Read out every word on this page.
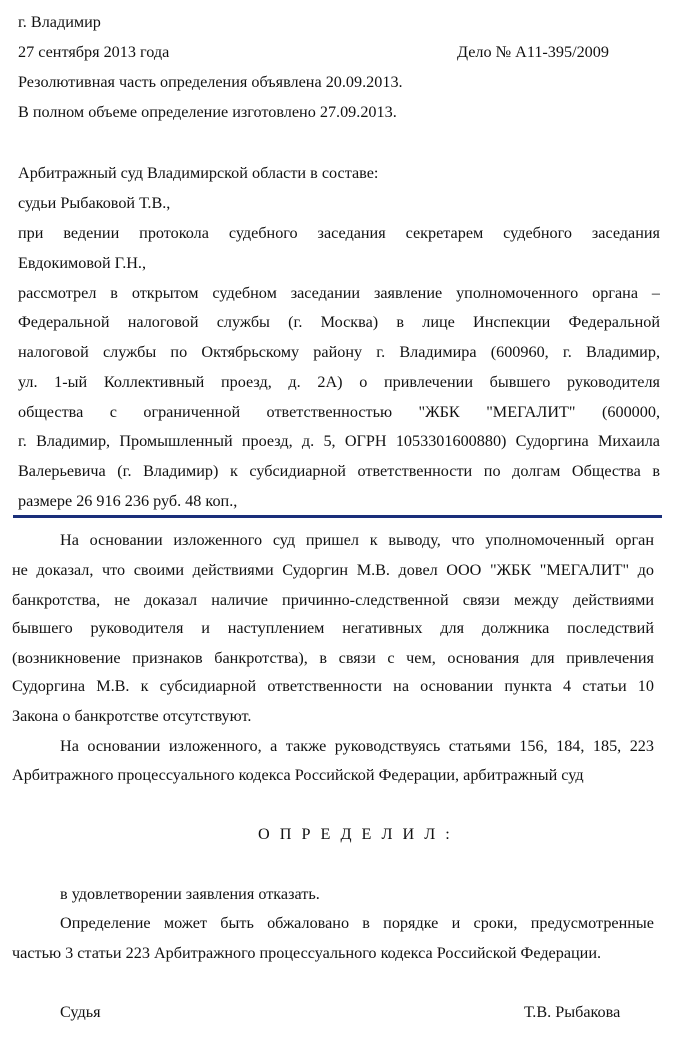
г. Владимир
27 сентября 2013 года	Дело № А11-395/2009
Резолютивная часть определения объявлена 20.09.2013.
В полном объеме определение изготовлено 27.09.2013.
Арбитражный суд Владимирской области в составе:
судьи Рыбаковой Т.В.,
при ведении протокола судебного заседания секретарем судебного заседания
Евдокимовой Г.Н.,
рассмотрел в открытом судебном заседании заявление уполномоченного органа –
Федеральной налоговой службы (г. Москва) в лице Инспекции Федеральной
налоговой службы по Октябрьскому району г. Владимира (600960, г. Владимир,
ул. 1-ый Коллективный проезд, д. 2А) о привлечении бывшего руководителя
общества с ограниченной ответственностью "ЖБК "МЕГАЛИТ" (600000,
г. Владимир, Промышленный проезд, д. 5, ОГРН 1053301600880) Судоргина Михаила
Валерьевича (г. Владимир) к субсидиарной ответственности по долгам Общества в
размере 26 916 236 руб. 48 коп.,
На основании изложенного суд пришел к выводу, что уполномоченный орган
не доказал, что своими действиями Судоргин М.В. довел ООО "ЖБК "МЕГАЛИТ" до
банкротства, не доказал наличие причинно-следственной связи между действиями
бывшего руководителя и наступлением негативных для должника последствий
(возникновение признаков банкротства), в связи с чем, основания для привлечения
Судоргина М.В. к субсидиарной ответственности на основании пункта 4 статьи 10
Закона о банкротстве отсутствуют.
На основании изложенного, а также руководствуясь статьями 156, 184, 185, 223
Арбитражного процессуального кодекса Российской Федерации, арбитражный суд
О П Р Е Д Е Л И Л :
в удовлетворении заявления отказать.
Определение может быть обжаловано в порядке и сроки, предусмотренные
частью 3 статьи 223 Арбитражного процессуального кодекса Российской Федерации.
Судья	Т.В. Рыбакова
